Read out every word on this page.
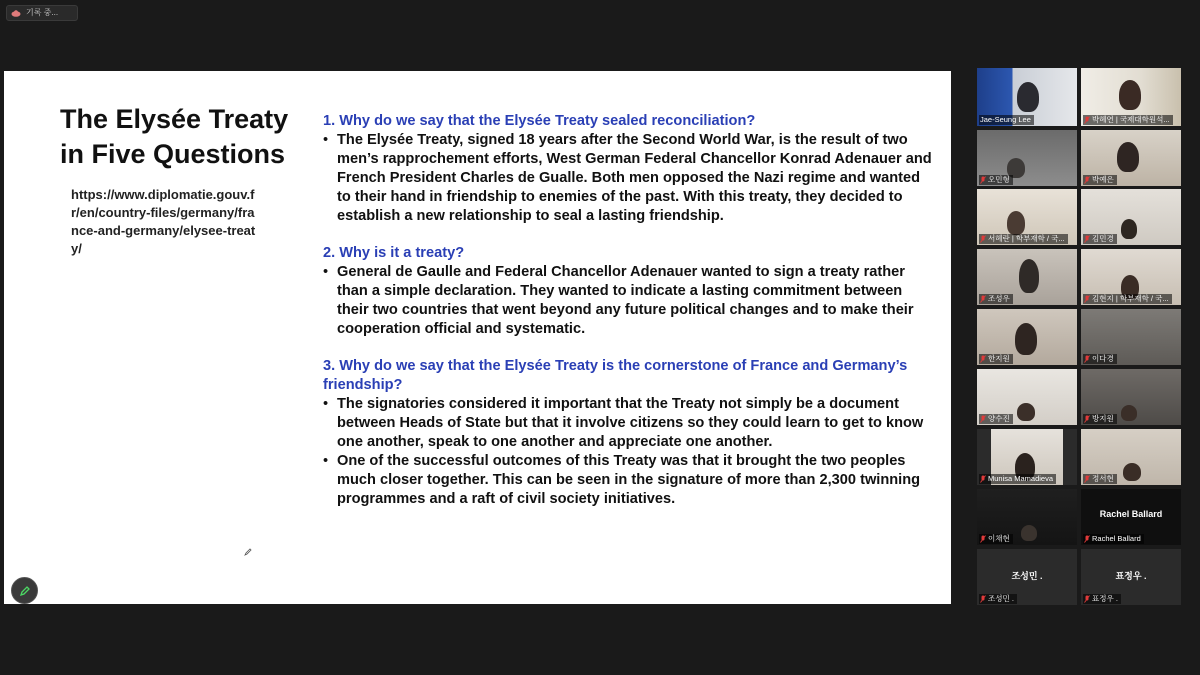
기록 중...
The Elysée Treaty in Five Questions
https://www.diplomatie.gouv.fr/en/country-files/germany/france-and-germany/elysee-treaty/

1. Why do we say that the Elysée Treaty sealed reconciliation?

• The Elysée Treaty, signed 18 years after the Second World War, is the result of two men’s rapprochement efforts, West German Federal Chancellor Konrad Adenauer and French President Charles de Gualle. Both men opposed the Nazi regime and wanted to their hand in friendship to enemies of the past. With this treaty, they decided to establish a new relationship to seal a lasting friendship.

2. Why is it a treaty?

• General de Gaulle and Federal Chancellor Adenauer wanted to sign a treaty rather than a simple declaration. They wanted to indicate a lasting commitment between their two countries that went beyond any future political changes and to make their cooperation official and systematic.

3. Why do we say that the Elysée Treaty is the cornerstone of France and Germany’s friendship?

• The signatories considered it important that the Treaty not simply be a document between Heads of State but that it involve citizens so they could learn to get to know one another, speak to one another and appreciate one another.
• One of the successful outcomes of this Treaty was that it brought the two peoples much closer together. This can be seen in the signature of more than 2,300 twinning programmes and a raft of civil society initiatives.
Jae-Seung Lee	박혜연 | 국제대학원석...
오민형	박예은
서혜란 | 학부재학 / 국...	김민경
조성우	김현지 | 학부재학 / 국...
한지원	이다경
양수진	방지원
Munisa Mamadieva	정서현
이채현
Rachel Ballard
Rachel Ballard
조성민 .
조성민 .
표정우 .
표정우 .
